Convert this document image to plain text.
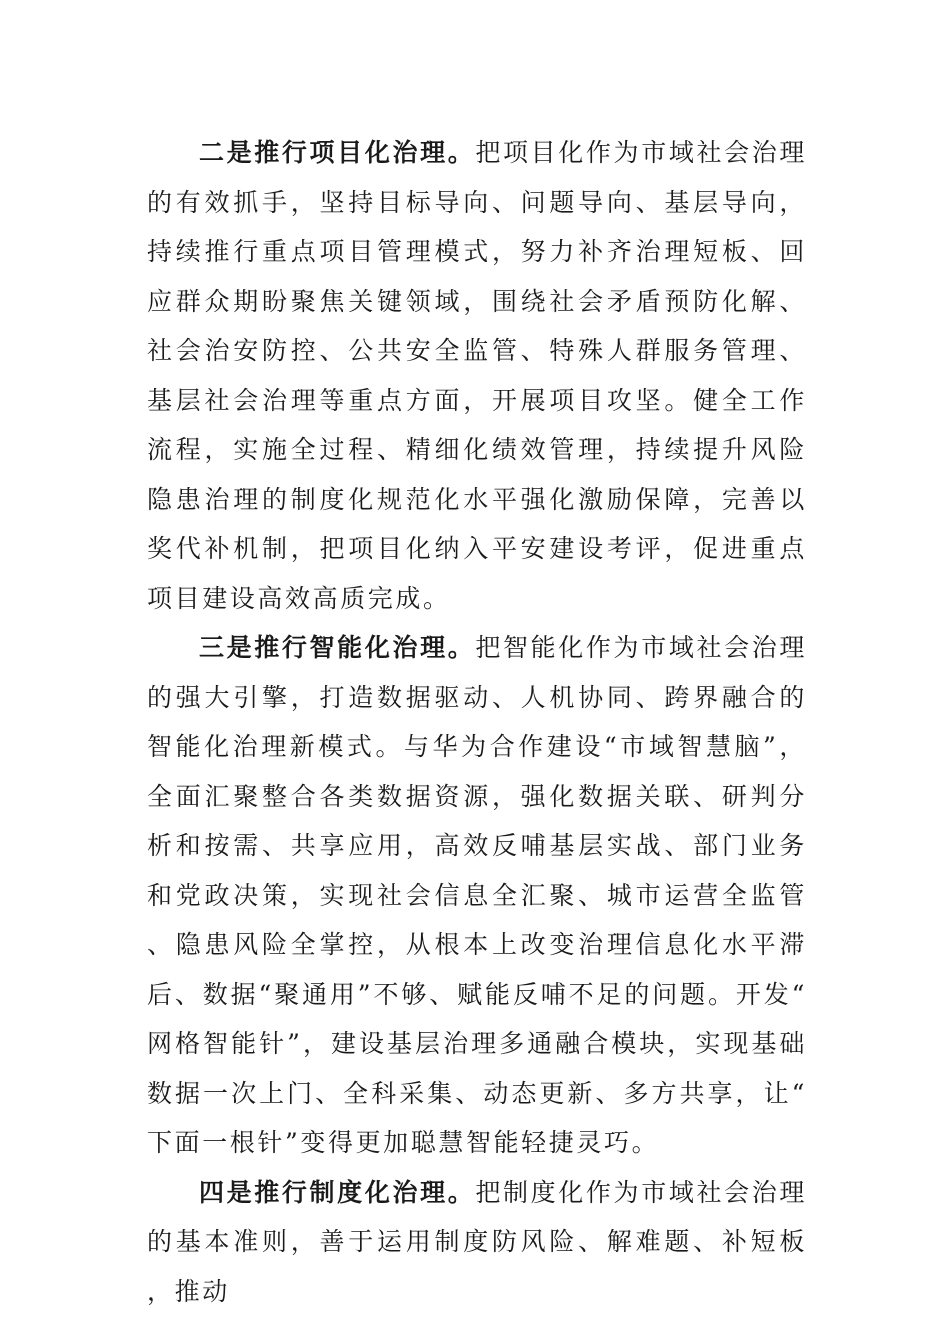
二是推行项目化治理。把项目化作为市域社会治理的有效抓手，坚持目标导向、问题导向、基层导向，持续推行重点项目管理模式，努力补齐治理短板、回应群众期盼聚焦关键领域，围绕社会矛盾预防化解、社会治安防控、公共安全监管、特殊人群服务管理、基层社会治理等重点方面，开展项目攻坚。健全工作流程，实施全过程、精细化绩效管理，持续提升风险隐患治理的制度化规范化水平强化激励保障，完善以奖代补机制，把项目化纳入平安建设考评，促进重点项目建设高效高质完成。

三是推行智能化治理。把智能化作为市域社会治理的强大引擎，打造数据驱动、人机协同、跨界融合的智能化治理新模式。与华为合作建设“市域智慧脑”，全面汇聚整合各类数据资源，强化数据关联、研判分析和按需、共享应用，高效反哺基层实战、部门业务和党政决策，实现社会信息全汇聚、城市运营全监管、隐患风险全掌控，从根本上改变治理信息化水平滞后、数据“聚通用”不够、赋能反哺不足的问题。开发“网格智能针”，建设基层治理多通融合模块，实现基础数据一次上门、全科采集、动态更新、多方共享，让“下面一根针”变得更加聪慧智能轻捷灵巧。

四是推行制度化治理。把制度化作为市域社会治理的基本准则，善于运用制度防风险、解难题、补短板，推动
